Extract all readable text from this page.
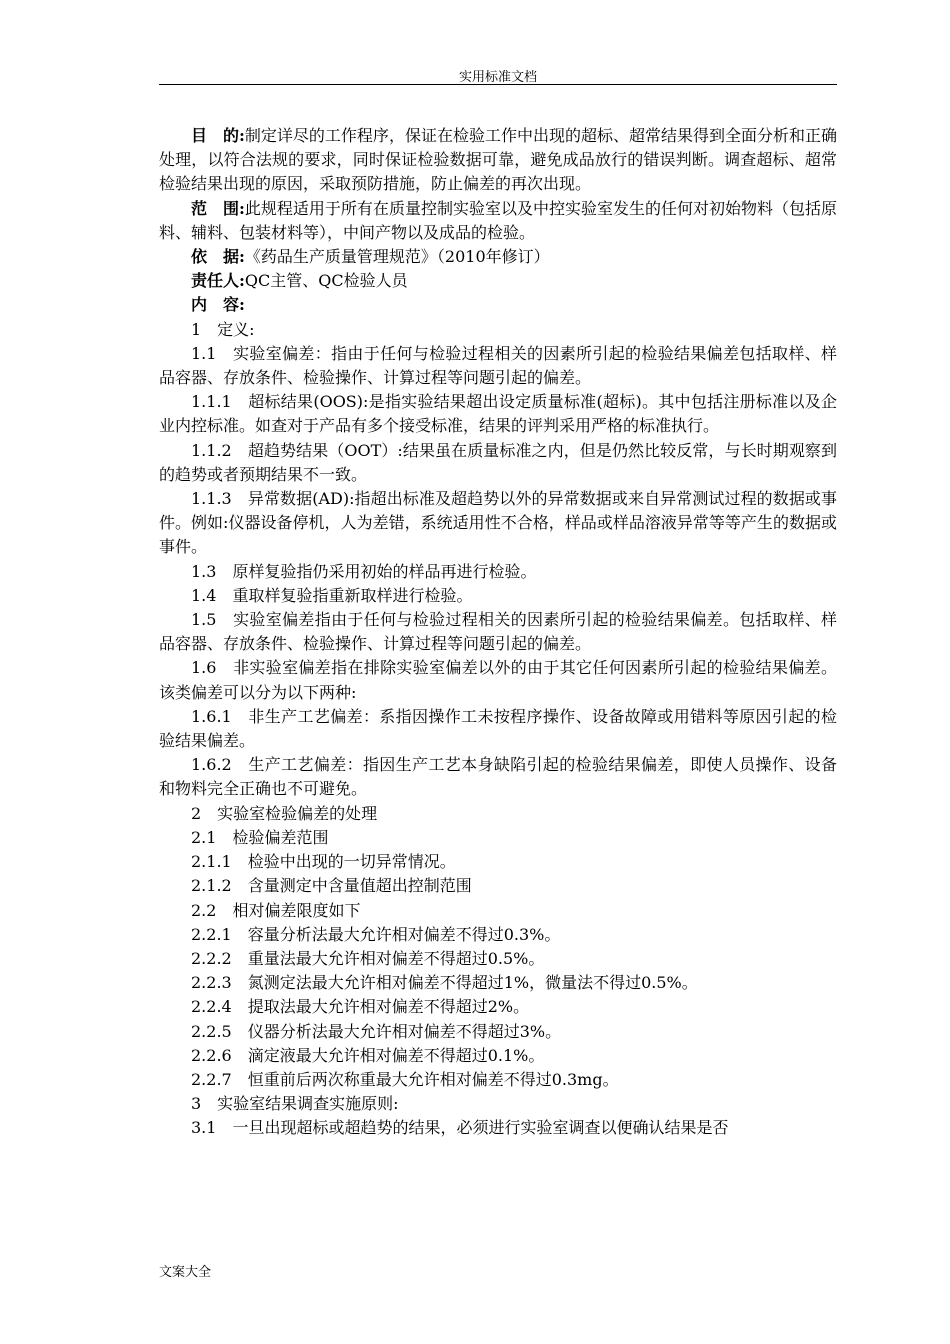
实用标准文档

目　的:制定详尽的工作程序，保证在检验工作中出现的超标、超常结果得到全面分析和正确处理，以符合法规的要求，同时保证检验数据可靠，避免成品放行的错误判断。调查超标、超常检验结果出现的原因，采取预防措施，防止偏差的再次出现。

范　围:此规程适用于所有在质量控制实验室以及中控实验室发生的任何对初始物料（包括原料、辅料、包装材料等），中间产物以及成品的检验。

依　据:《药品生产质量管理规范》（2010年修订）

责任人:QC主管、QC检验人员

内　容:

1　定义:

1.1　实验室偏差：指由于任何与检验过程相关的因素所引起的检验结果偏差包括取样、样品容器、存放条件、检验操作、计算过程等问题引起的偏差。

1.1.1　超标结果(OOS):是指实验结果超出设定质量标准(超标)。其中包括注册标准以及企业内控标准。如查对于产品有多个接受标准，结果的评判采用严格的标准执行。

1.1.2　超趋势结果（OOT）:结果虽在质量标准之内，但是仍然比较反常，与长时期观察到的趋势或者预期结果不一致。

1.1.3　异常数据(AD):指超出标准及超趋势以外的异常数据或来自异常测试过程的数据或事件。例如:仪器设备停机，人为差错，系统适用性不合格，样品或样品溶液异常等等产生的数据或事件。

1.3　原样复验指仍采用初始的样品再进行检验。

1.4　重取样复验指重新取样进行检验。

1.5　实验室偏差指由于任何与检验过程相关的因素所引起的检验结果偏差。包括取样、样品容器、存放条件、检验操作、计算过程等问题引起的偏差。

1.6　非实验室偏差指在排除实验室偏差以外的由于其它任何因素所引起的检验结果偏差。该类偏差可以分为以下两种:

1.6.1　非生产工艺偏差：系指因操作工未按程序操作、设备故障或用错料等原因引起的检验结果偏差。

1.6.2　生产工艺偏差：指因生产工艺本身缺陷引起的检验结果偏差，即使人员操作、设备和物料完全正确也不可避免。

2　实验室检验偏差的处理

2.1　检验偏差范围

2.1.1　检验中出现的一切异常情况。

2.1.2　含量测定中含量值超出控制范围

2.2　相对偏差限度如下

2.2.1　容量分析法最大允许相对偏差不得过0.3%。

2.2.2　重量法最大允许相对偏差不得超过0.5%。

2.2.3　氮测定法最大允许相对偏差不得超过1%，微量法不得过0.5%。

2.2.4　提取法最大允许相对偏差不得超过2%。

2.2.5　仪器分析法最大允许相对偏差不得超过3%。

2.2.6　滴定液最大允许相对偏差不得超过0.1%。

2.2.7　恒重前后两次称重最大允许相对偏差不得过0.3mg。

3　实验室结果调查实施原则:

3.1　一旦出现超标或超趋势的结果，必须进行实验室调查以便确认结果是否

文案大全
